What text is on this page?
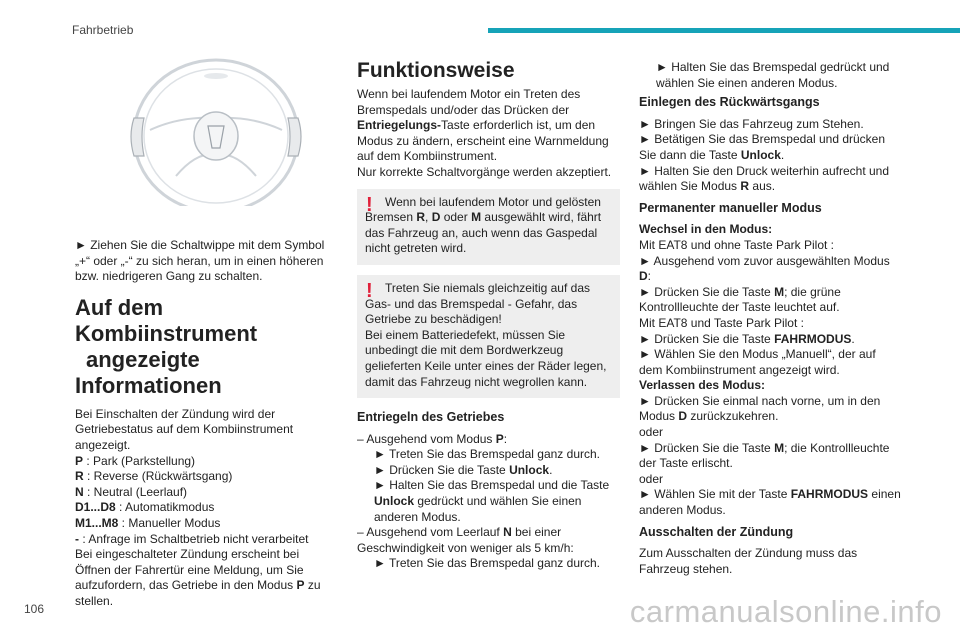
Fahrbetrieb

► Ziehen Sie die Schaltwippe mit dem Symbol „+“ oder „-“ zu sich heran, um in einen höheren bzw. niedrigeren Gang zu schalten.

Auf dem Kombiinstrument
angezeigte Informationen

Bei Einschalten der Zündung wird der Getriebestatus auf dem Kombiinstrument angezeigt.

P : Park (Parkstellung)
R : Reverse (Rückwärtsgang)
N : Neutral (Leerlauf)
D1...D8 : Automatikmodus
M1...M8 : Manueller Modus
- : Anfrage im Schaltbetrieb nicht verarbeitet

Bei eingeschalteter Zündung erscheint bei Öffnen der Fahrertür eine Meldung, um Sie aufzufordern, das Getriebe in den Modus P zu stellen.

Funktionsweise

Wenn bei laufendem Motor ein Treten des Bremspedals und/oder das Drücken der Entriegelungs-Taste erforderlich ist, um den Modus zu ändern, erscheint eine Warnmeldung auf dem Kombiinstrument.
Nur korrekte Schaltvorgänge werden akzeptiert.

!	Wenn bei laufendem Motor und gelösten Bremsen R, D oder M ausgewählt wird, fährt das Fahrzeug an, auch wenn das Gaspedal nicht getreten wird.

!	Treten Sie niemals gleichzeitig auf das Gas- und das Bremspedal - Gefahr, das Getriebe zu beschädigen!

Bei einem Batteriedefekt, müssen Sie unbedingt die mit dem Bordwerkzeug gelieferten Keile unter eines der Räder legen, damit das Fahrzeug nicht wegrollen kann.

Entriegeln des Getriebes

– Ausgehend vom Modus P:

► Treten Sie das Bremspedal ganz durch.

► Drücken Sie die Taste Unlock.

► Halten Sie das Bremspedal und die Taste Unlock gedrückt und wählen Sie einen anderen Modus.

– Ausgehend vom Leerlauf N bei einer Geschwindigkeit von weniger als 5 km/h:

► Treten Sie das Bremspedal ganz durch.

► Halten Sie das Bremspedal gedrückt und wählen Sie einen anderen Modus.

Einlegen des Rückwärtsgangs

► Bringen Sie das Fahrzeug zum Stehen.

► Betätigen Sie das Bremspedal und drücken Sie dann die Taste Unlock.

► Halten Sie den Druck weiterhin aufrecht und wählen Sie Modus R aus.

Permanenter manueller Modus

Wechsel in den Modus:

Mit EAT8 und ohne Taste Park Pilot :

► Ausgehend vom zuvor ausgewählten Modus D:

► Drücken Sie die Taste M; die grüne Kontrollleuchte der Taste leuchtet auf.

Mit EAT8 und Taste Park Pilot :

► Drücken Sie die Taste FAHRMODUS.

► Wählen Sie den Modus „Manuell“, der auf dem Kombiinstrument angezeigt wird.

Verlassen des Modus:

► Drücken Sie einmal nach vorne, um in den Modus D zurückzukehren.

oder

► Drücken Sie die Taste M; die Kontrollleuchte der Taste erlischt.

oder

► Wählen Sie mit der Taste FAHRMODUS einen anderen Modus.

Ausschalten der Zündung

Zum Ausschalten der Zündung muss das Fahrzeug stehen.

106	carmanualsonline.info
